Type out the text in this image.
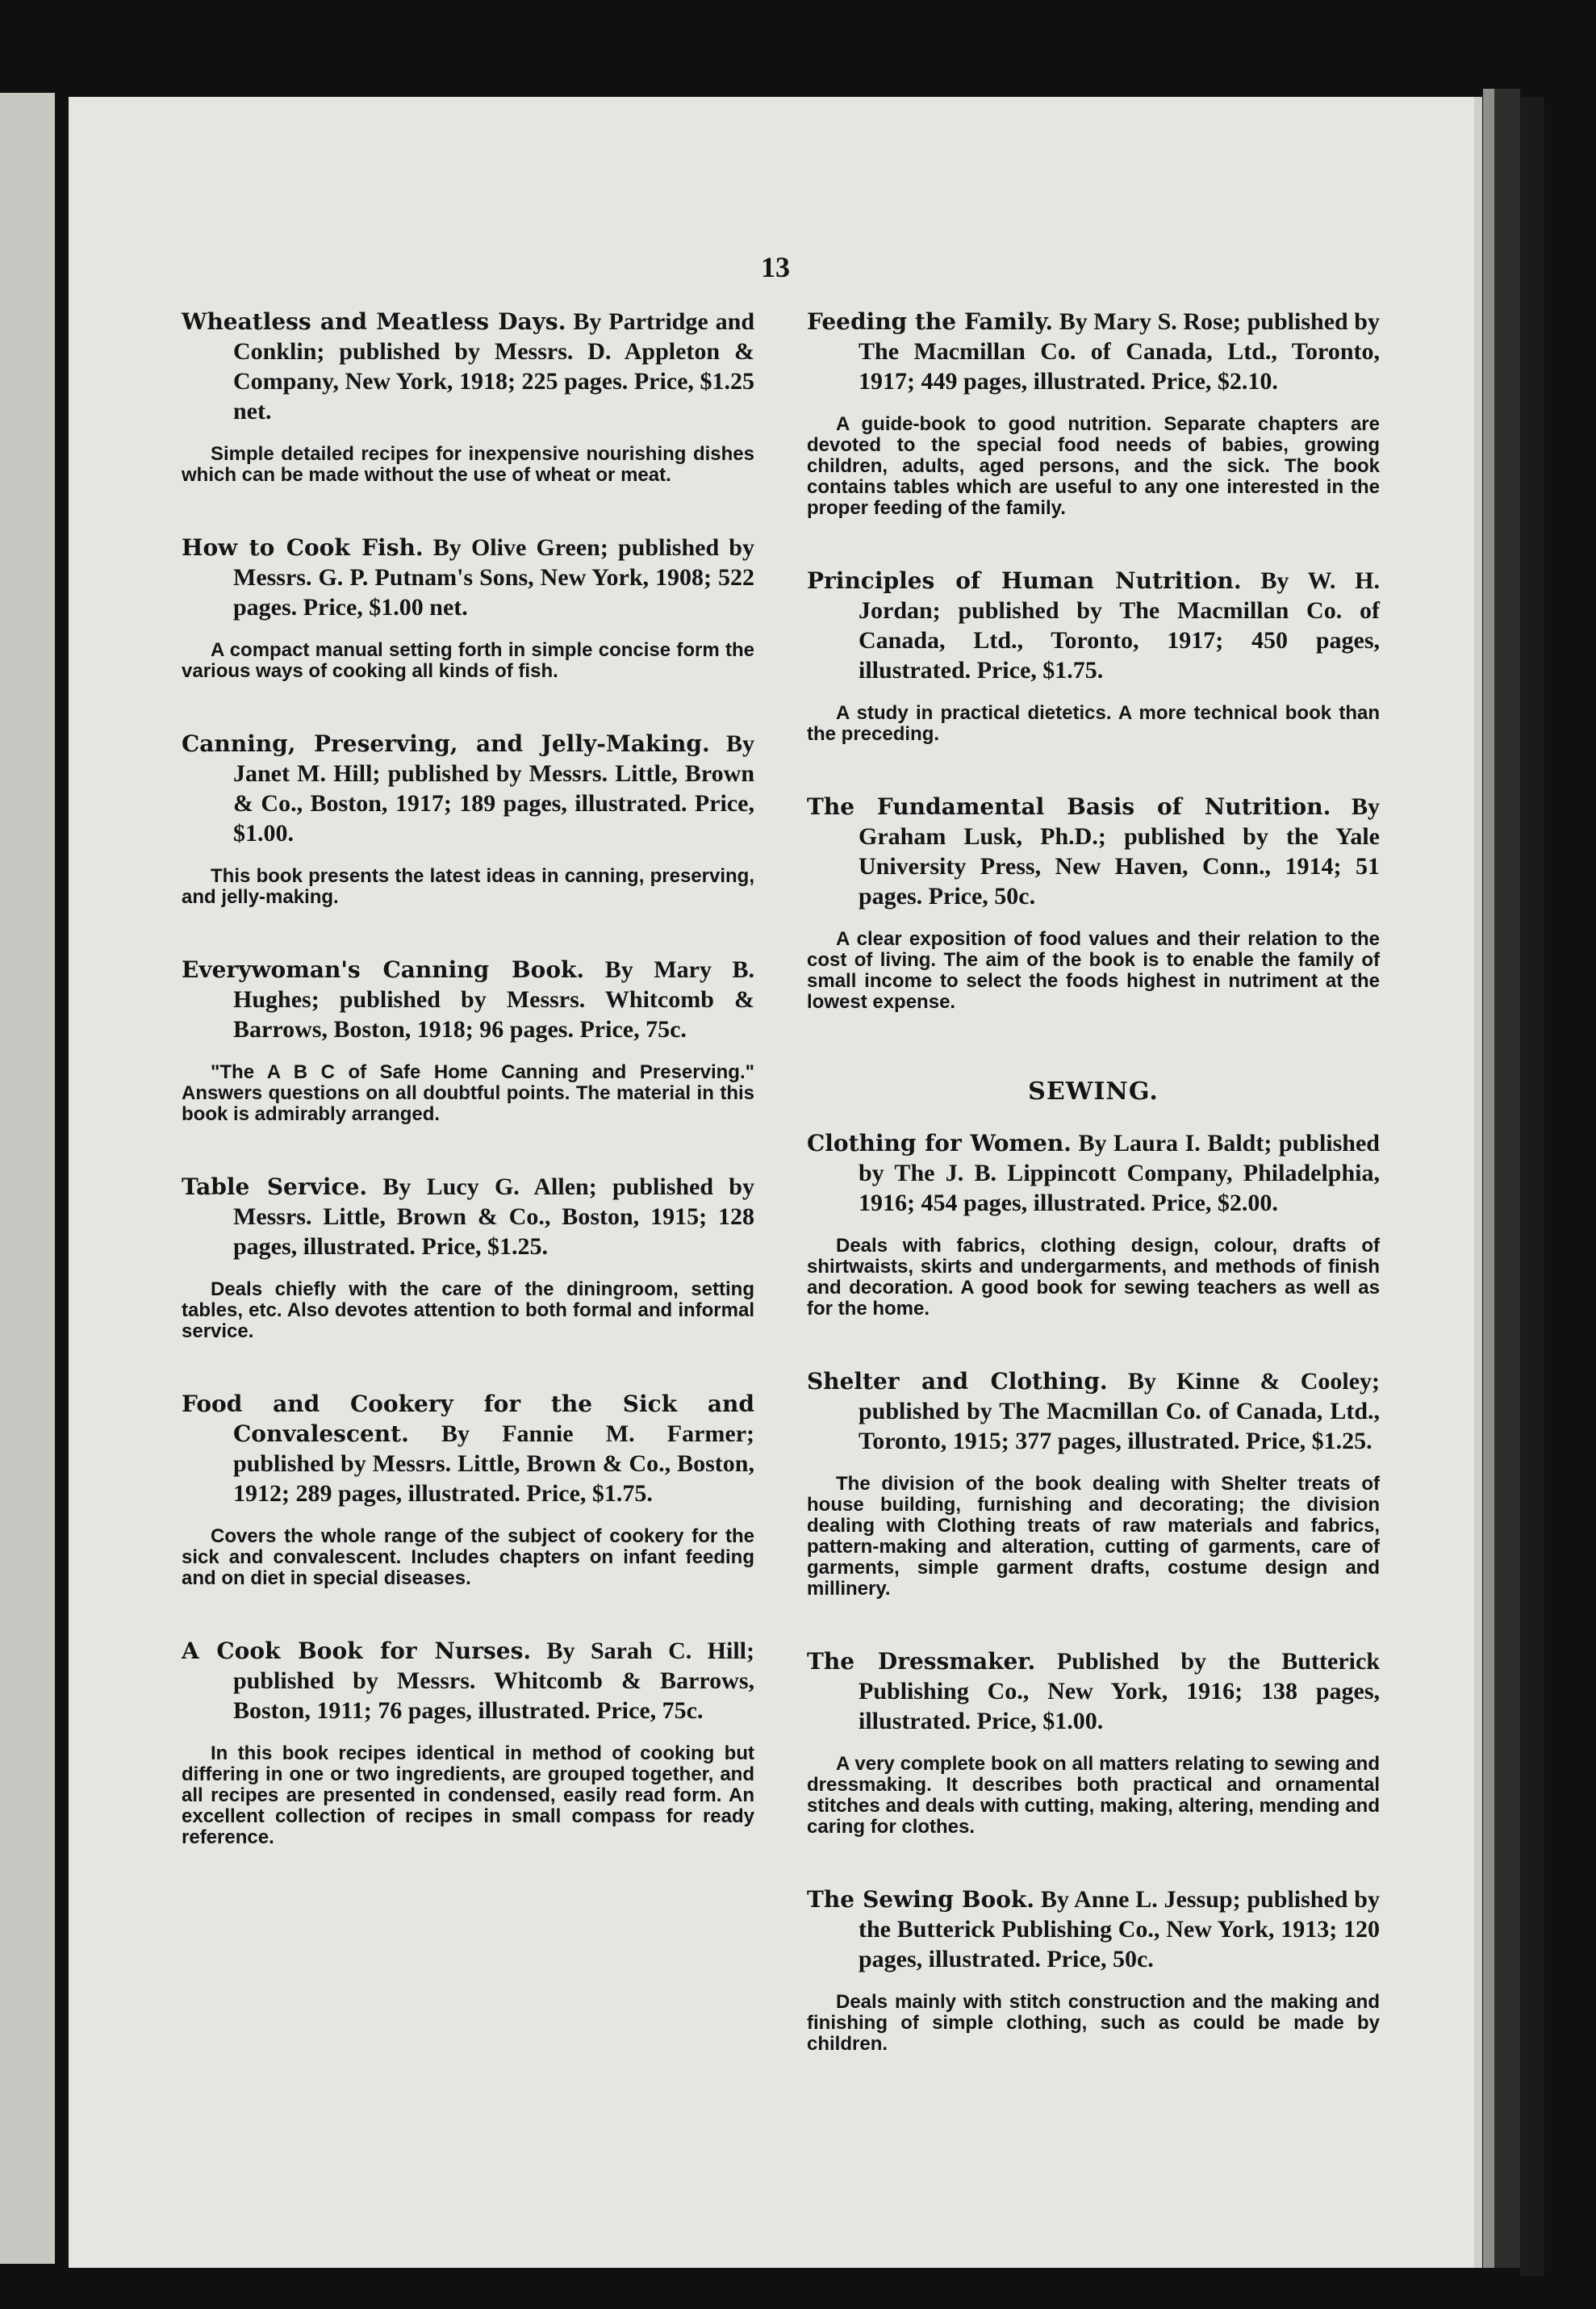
13
Wheatless and Meatless Days. By Partridge and Conklin; published by Messrs. D. Appleton & Company, New York, 1918; 225 pages. Price, $1.25 net.
Simple detailed recipes for inexpensive nourishing dishes which can be made without the use of wheat or meat.
How to Cook Fish. By Olive Green; published by Messrs. G. P. Putnam's Sons, New York, 1908; 522 pages. Price, $1.00 net.
A compact manual setting forth in simple concise form the various ways of cooking all kinds of fish.
Canning, Preserving, and Jelly-Making. By Janet M. Hill; published by Messrs. Little, Brown & Co., Boston, 1917; 189 pages, illustrated. Price, $1.00.
This book presents the latest ideas in canning, preserving, and jelly-making.
Everywoman's Canning Book. By Mary B. Hughes; published by Messrs. Whitcomb & Barrows, Boston, 1918; 96 pages. Price, 75c.
"The A B C of Safe Home Canning and Preserving." Answers questions on all doubtful points. The material in this book is admirably arranged.
Table Service. By Lucy G. Allen; published by Messrs. Little, Brown & Co., Boston, 1915; 128 pages, illustrated. Price, $1.25.
Deals chiefly with the care of the diningroom, setting tables, etc. Also devotes attention to both formal and informal service.
Food and Cookery for the Sick and Convalescent. By Fannie M. Farmer; published by Messrs. Little, Brown & Co., Boston, 1912; 289 pages, illustrated. Price, $1.75.
Covers the whole range of the subject of cookery for the sick and convalescent. Includes chapters on infant feeding and on diet in special diseases.
A Cook Book for Nurses. By Sarah C. Hill; published by Messrs. Whitcomb & Barrows, Boston, 1911; 76 pages, illustrated. Price, 75c.
In this book recipes identical in method of cooking but differing in one or two ingredients, are grouped together, and all recipes are presented in condensed, easily read form. An excellent collection of recipes in small compass for ready reference.
Feeding the Family. By Mary S. Rose; published by The Macmillan Co. of Canada, Ltd., Toronto, 1917; 449 pages, illustrated. Price, $2.10.
A guide-book to good nutrition. Separate chapters are devoted to the special food needs of babies, growing children, adults, aged persons, and the sick. The book contains tables which are useful to any one interested in the proper feeding of the family.
Principles of Human Nutrition. By W. H. Jordan; published by The Macmillan Co. of Canada, Ltd., Toronto, 1917; 450 pages, illustrated. Price, $1.75.
A study in practical dietetics. A more technical book than the preceding.
The Fundamental Basis of Nutrition. By Graham Lusk, Ph.D.; published by the Yale University Press, New Haven, Conn., 1914; 51 pages. Price, 50c.
A clear exposition of food values and their relation to the cost of living. The aim of the book is to enable the family of small income to select the foods highest in nutriment at the lowest expense.
SEWING.
Clothing for Women. By Laura I. Baldt; published by The J. B. Lippincott Company, Philadelphia, 1916; 454 pages, illustrated. Price, $2.00.
Deals with fabrics, clothing design, colour, drafts of shirtwaists, skirts and undergarments, and methods of finish and decoration. A good book for sewing teachers as well as for the home.
Shelter and Clothing. By Kinne & Cooley; published by The Macmillan Co. of Canada, Ltd., Toronto, 1915; 377 pages, illustrated. Price, $1.25.
The division of the book dealing with Shelter treats of house building, furnishing and decorating; the division dealing with Clothing treats of raw materials and fabrics, pattern-making and alteration, cutting of garments, care of garments, simple garment drafts, costume design and millinery.
The Dressmaker. Published by the Butterick Publishing Co., New York, 1916; 138 pages, illustrated. Price, $1.00.
A very complete book on all matters relating to sewing and dressmaking. It describes both practical and ornamental stitches and deals with cutting, making, altering, mending and caring for clothes.
The Sewing Book. By Anne L. Jessup; published by the Butterick Publishing Co., New York, 1913; 120 pages, illustrated. Price, 50c.
Deals mainly with stitch construction and the making and finishing of simple clothing, such as could be made by children.
